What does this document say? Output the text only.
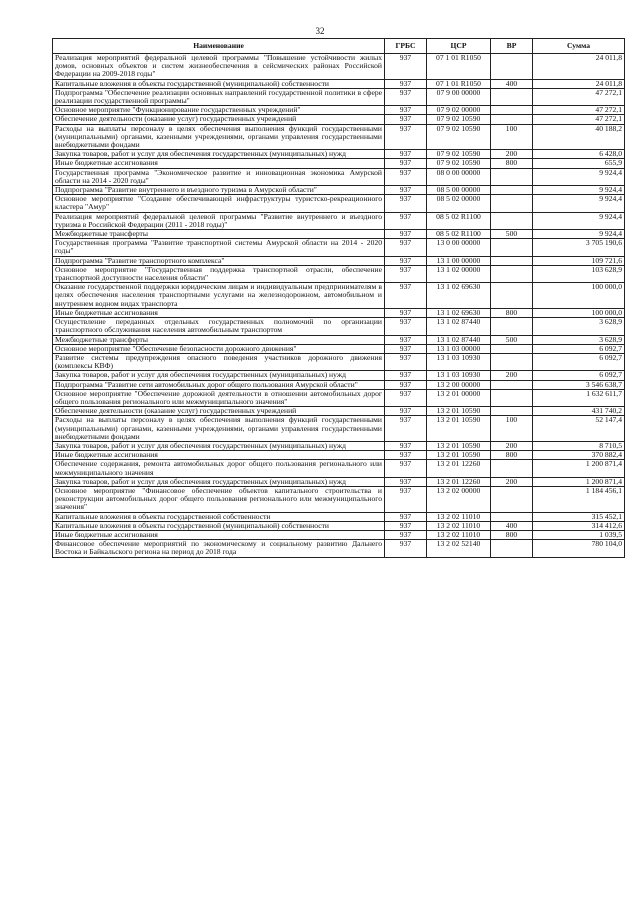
32
Наименование	ГРБС	ЦСР	ВР	Сумма
Реализация мероприятий федеральной целевой программы "Повышение устойчивости жилых домов, основных объектов и систем жизнеобеспечения в сейсмических районах Российской Федерации на 2009-2018 годы"	937	07 1 01 R1050		24 011,8
Капитальные вложения в объекты государственной (муниципальной) собственности	937	07 1 01 R1050	400	24 011,8
Подпрограмма "Обеспечение реализации основных направлений государственной политики в сфере реализации государственной программы"	937	07 9 00 00000		47 272,1
Основное мероприятие "Функционирование государственных учреждений"	937	07 9 02 00000		47 272,1
Обеспечение деятельности (оказание услуг) государственных учреждений	937	07 9 02 10590		47 272,1
Расходы на выплаты персоналу в целях обеспечения выполнения функций государственными (муниципальными) органами, казенными учреждениями, органами управления государственными внебюджетными фондами	937	07 9 02 10590	100	40 188,2
Закупка товаров, работ и услуг для обеспечения государственных (муниципальных) нужд	937	07 9 02 10590	200	6 428,0
Иные бюджетные ассигнования	937	07 9 02 10590	800	655,9
Государственная программа "Экономическое развитие и инновационная экономика Амурской области на 2014 - 2020 годы"	937	08 0 00 00000		9 924,4
Подпрограмма "Развитие внутреннего и въездного туризма в Амурской области"	937	08 5 00 00000		9 924,4
Основное мероприятие "Создание обеспечивающей инфраструктуры туристско-рекреационного кластера "Амур"	937	08 5 02 00000		9 924,4
Реализация мероприятий федеральной целевой программы "Развитие внутреннего и въездного туризма в Российской Федерации (2011 - 2018 годы)"	937	08 5 02 R1100		9 924,4
Межбюджетные трансферты	937	08 5 02 R1100	500	9 924,4
Государственная программа "Развитие транспортной системы Амурской области на 2014 - 2020 годы"	937	13 0 00 00000		3 705 190,6
Подпрограмма "Развитие транспортного комплекса"	937	13 1 00 00000		109 721,6
Основное мероприятие "Государственная поддержка транспортной отрасли, обеспечение транспортной доступности населения области"	937	13 1 02 00000		103 628,9
Оказание государственной поддержки юридическим лицам и индивидуальным предпринимателям в целях обеспечения населения транспортными услугами на железнодорожном, автомобильном и внутреннем водном видах транспорта	937	13 1 02 69630		100 000,0
Иные бюджетные ассигнования	937	13 1 02 69630	800	100 000,0
Осуществление переданных отдельных государственных полномочий по организации транспортного обслуживания населения автомобильным транспортом	937	13 1 02 87440		3 628,9
Межбюджетные трансферты	937	13 1 02 87440	500	3 628,9
Основное мероприятие "Обеспечение безопасности дорожного движения"	937	13 1 03 00000		6 092,7
Развитие системы предупреждения опасного поведения участников дорожного движения (комплексы КВФ)	937	13 1 03 10930		6 092,7
Закупка товаров, работ и услуг для обеспечения государственных (муниципальных) нужд	937	13 1 03 10930	200	6 092,7
Подпрограмма "Развитие сети автомобильных дорог общего пользования Амурской области"	937	13 2 00 00000		3 546 638,7
Основное мероприятие "Обеспечение дорожной деятельности в отношении автомобильных дорог общего пользования регионального или межмуниципального значения"	937	13 2 01 00000		1 632 611,7
Обеспечение деятельности (оказание услуг) государственных учреждений	937	13 2 01 10590		431 740,2
Расходы на выплаты персоналу в целях обеспечения выполнения функций государственными (муниципальными) органами, казенными учреждениями, органами управления государственными внебюджетными фондами	937	13 2 01 10590	100	52 147,4
Закупка товаров, работ и услуг для обеспечения государственных (муниципальных) нужд	937	13 2 01 10590	200	8 710,5
Иные бюджетные ассигнования	937	13 2 01 10590	800	370 882,4
Обеспечение содержания, ремонта автомобильных дорог общего пользования регионального или межмуниципального значения	937	13 2 01 12260		1 200 871,4
Закупка товаров, работ и услуг для обеспечения государственных (муниципальных) нужд	937	13 2 01 12260	200	1 200 871,4
Основное мероприятие "Финансовое обеспечение объектов капитального строительства и реконструкции автомобильных дорог общего пользования регионального или межмуниципального значения"	937	13 2 02 00000		1 184 456,1
Капитальные вложения в объекты государственной собственности	937	13 2 02 11010		315 452,1
Капитальные вложения в объекты государственной (муниципальной) собственности	937	13 2 02 11010	400	314 412,6
Иные бюджетные ассигнования	937	13 2 02 11010	800	1 039,5
Финансовое обеспечение мероприятий по экономическому и социальному развитию Дальнего Востока и Байкальского региона на период до 2018 года	937	13 2 02 52140		780 104,0
